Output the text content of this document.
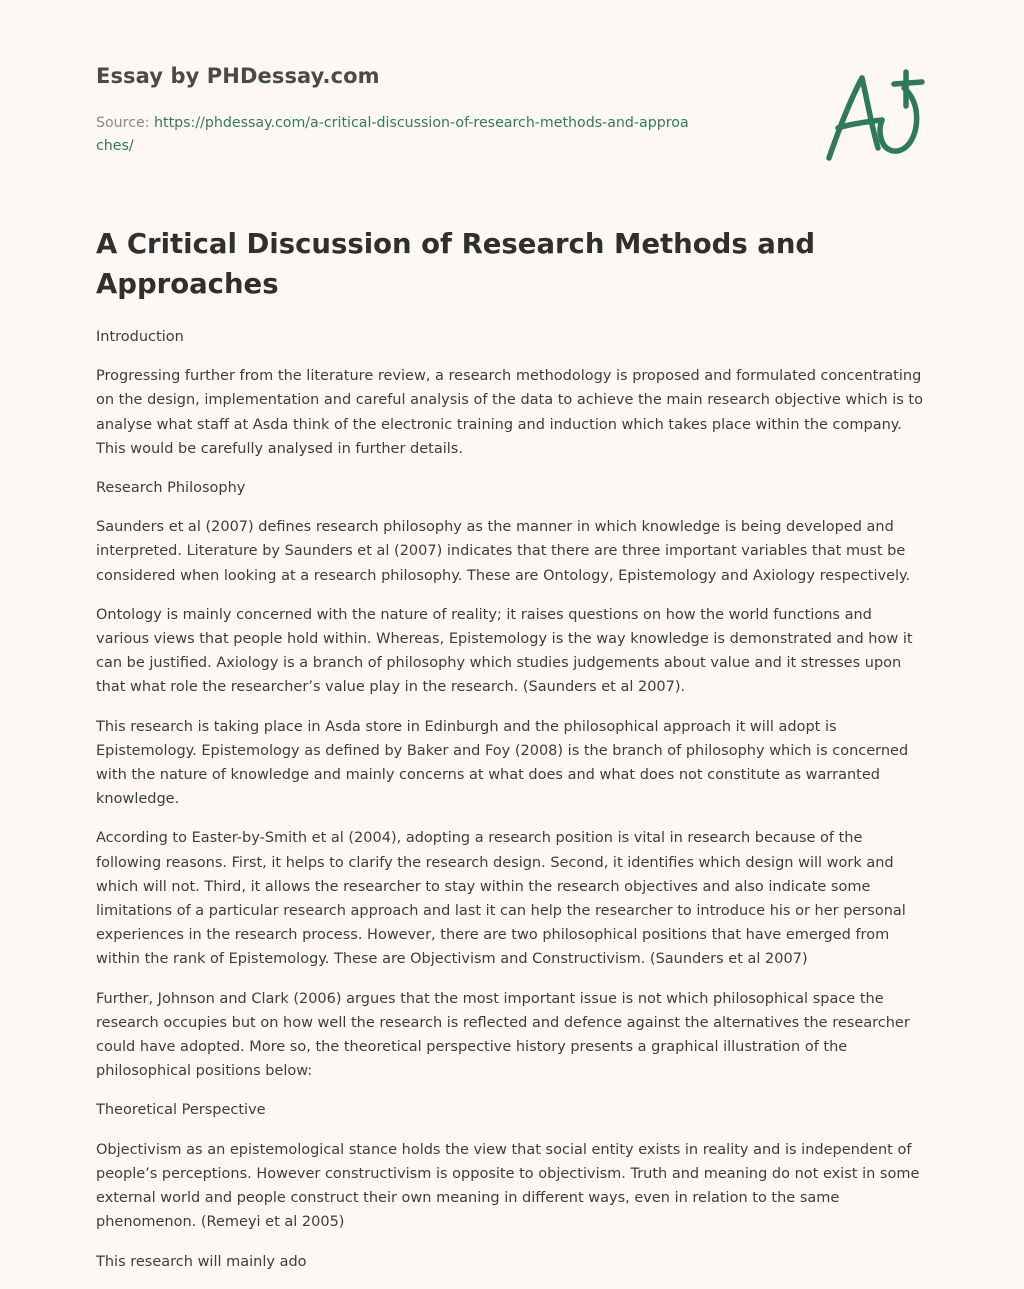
Essay by PHDessay.com
Source: https://phdessay.com/a-critical-discussion-of-research-methods-and-approaches/
A Critical Discussion of Research Methods and Approaches

Introduction

Progressing further from the literature review, a research methodology is proposed and formulated concentrating on the design, implementation and careful analysis of the data to achieve the main research objective which is to analyse what staff at Asda think of the electronic training and induction which takes place within the company. This would be carefully analysed in further details.

Research Philosophy

Saunders et al (2007) defines research philosophy as the manner in which knowledge is being developed and interpreted. Literature by Saunders et al (2007) indicates that there are three important variables that must be considered when looking at a research philosophy. These are Ontology, Epistemology and Axiology respectively.

Ontology is mainly concerned with the nature of reality; it raises questions on how the world functions and various views that people hold within. Whereas, Epistemology is the way knowledge is demonstrated and how it can be justified. Axiology is a branch of philosophy which studies judgements about value and it stresses upon that what role the researcher’s value play in the research. (Saunders et al 2007).

This research is taking place in Asda store in Edinburgh and the philosophical approach it will adopt is Epistemology. Epistemology as defined by Baker and Foy (2008) is the branch of philosophy which is concerned with the nature of knowledge and mainly concerns at what does and what does not constitute as warranted knowledge.

According to Easter-by-Smith et al (2004), adopting a research position is vital in research because of the following reasons. First, it helps to clarify the research design. Second, it identifies which design will work and which will not. Third, it allows the researcher to stay within the research objectives and also indicate some limitations of a particular research approach and last it can help the researcher to introduce his or her personal experiences in the research process. However, there are two philosophical positions that have emerged from within the rank of Epistemology. These are Objectivism and Constructivism. (Saunders et al 2007)

Further, Johnson and Clark (2006) argues that the most important issue is not which philosophical space the research occupies but on how well the research is reflected and defence against the alternatives the researcher could have adopted. More so, the theoretical perspective history presents a graphical illustration of the philosophical positions below:

Theoretical Perspective

Objectivism as an epistemological stance holds the view that social entity exists in reality and is independent of people’s perceptions. However constructivism is opposite to objectivism. Truth and meaning do not exist in some external world and people construct their own meaning in different ways, even in relation to the same phenomenon. (Remeyi et al 2005)

This research will mainly ado
